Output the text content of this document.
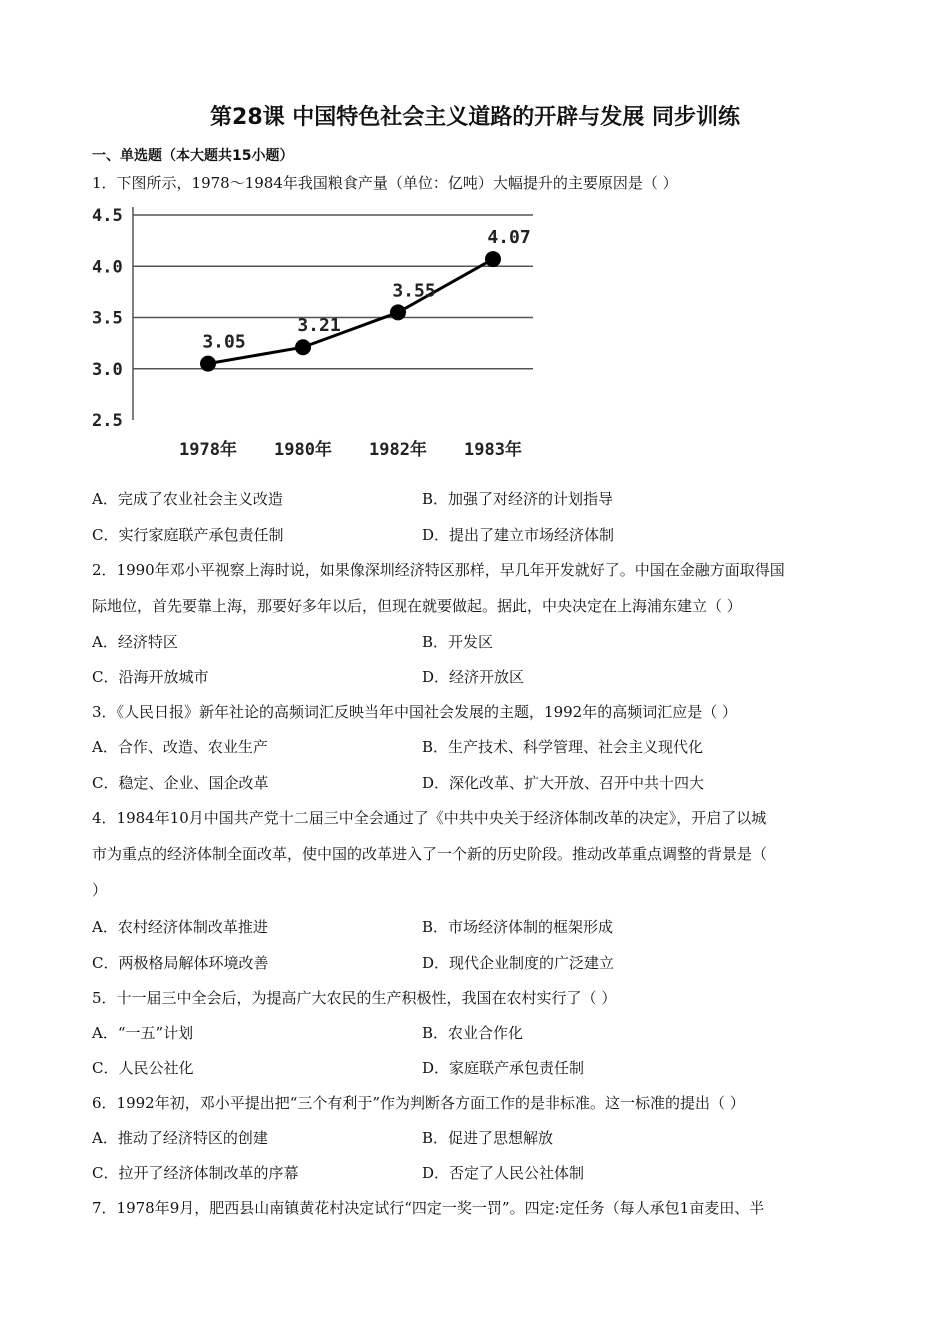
第28课 中国特色社会主义道路的开辟与发展 同步训练
一、单选题（本大题共15小题）
1．下图所示，1978～1984年我国粮食产量（单位：亿吨）大幅提升的主要原因是（ ）
4.5
4.0
3.5
3.0
2.5
1978年 1980年 1982年 1983年
3.05
3.21
3.55
4.07
A．完成了农业社会主义改造	B．加强了对经济的计划指导
C．实行家庭联产承包责任制	D．提出了建立市场经济体制
2．1990年邓小平视察上海时说，如果像深圳经济特区那样，早几年开发就好了。中国在金融方面取得国
际地位，首先要靠上海，那要好多年以后，但现在就要做起。据此，中央决定在上海浦东建立（ ）
A．经济特区	B．开发区
C．沿海开放城市	D．经济开放区
3．《人民日报》新年社论的高频词汇反映当年中国社会发展的主题，1992年的高频词汇应是（ ）
A．合作、改造、农业生产	B．生产技术、科学管理、社会主义现代化
C．稳定、企业、国企改革	D．深化改革、扩大开放、召开中共十四大
4．1984年10月中国共产党十二届三中全会通过了《中共中央关于经济体制改革的决定》，开启了以城
市为重点的经济体制全面改革，使中国的改革进入了一个新的历史阶段。推动改革重点调整的背景是（
）
A．农村经济体制改革推进	B．市场经济体制的框架形成
C．两极格局解体环境改善	D．现代企业制度的广泛建立
5．十一届三中全会后，为提高广大农民的生产积极性，我国在农村实行了（ ）
A．“一五”计划	B．农业合作化
C．人民公社化	D．家庭联产承包责任制
6．1992年初，邓小平提出把“三个有利于”作为判断各方面工作的是非标准。这一标准的提出（ ）
A．推动了经济特区的创建	B．促进了思想解放
C．拉开了经济体制改革的序幕	D．否定了人民公社体制
7．1978年9月，肥西县山南镇黄花村决定试行“四定一奖一罚”。四定:定任务（每人承包1亩麦田、半
